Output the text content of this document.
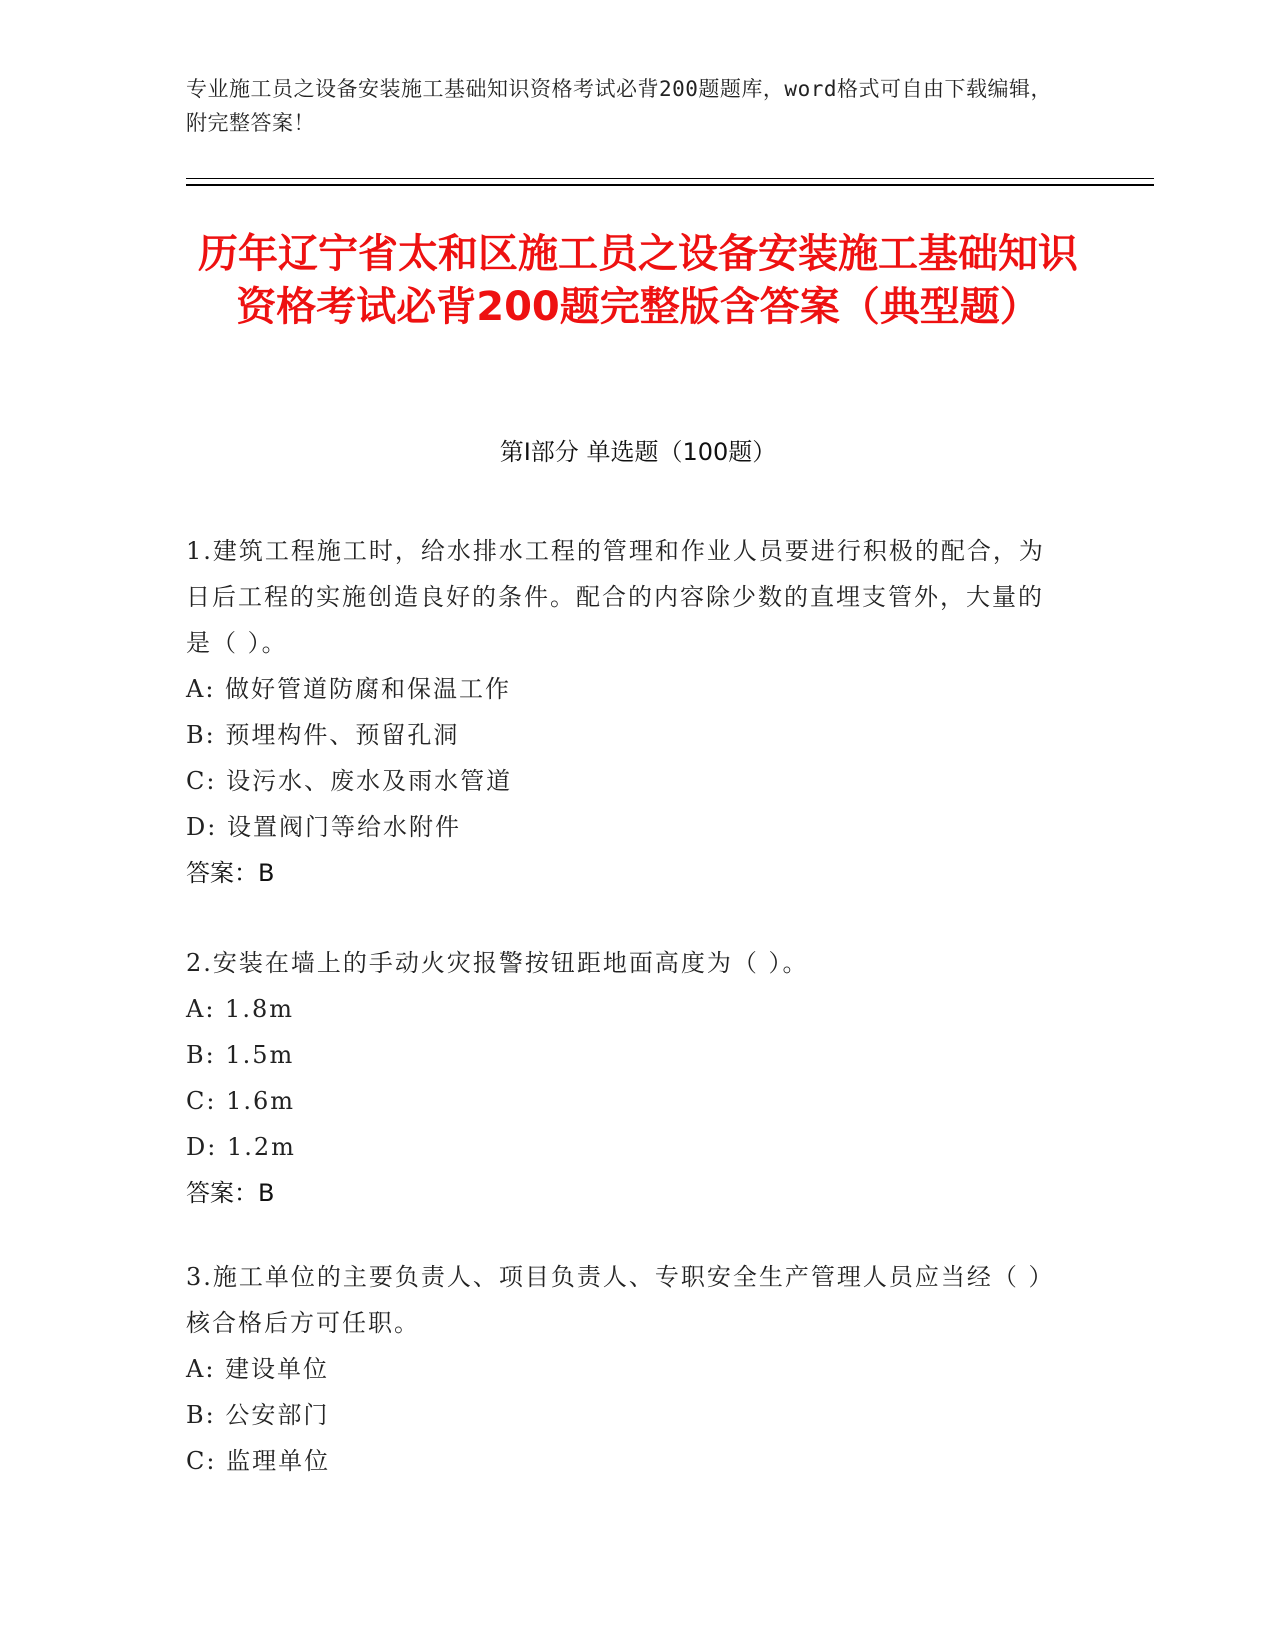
专业施工员之设备安装施工基础知识资格考试必背200题题库，word格式可自由下载编辑，附完整答案！
历年辽宁省太和区施工员之设备安装施工基础知识资格考试必背200题完整版含答案（典型题）
第Ⅰ部分 单选题（100题）
1.建筑工程施工时，给水排水工程的管理和作业人员要进行积极的配合，为日后工程的实施创造良好的条件。配合的内容除少数的直埋支管外，大量的是（ ）。
A: 做好管道防腐和保温工作
B: 预埋构件、预留孔洞
C: 设污水、废水及雨水管道
D: 设置阀门等给水附件
答案：B
2.安装在墙上的手动火灾报警按钮距地面高度为（ ）。
A: 1.8m
B: 1.5m
C: 1.6m
D: 1.2m
答案：B
3.施工单位的主要负责人、项目负责人、专职安全生产管理人员应当经（ ）核合格后方可任职。
A: 建设单位
B: 公安部门
C: 监理单位
